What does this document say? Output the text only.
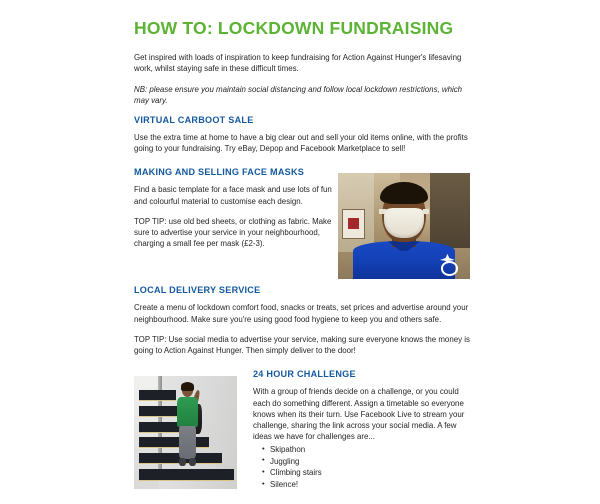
HOW TO: LOCKDOWN FUNDRAISING

Get inspired with loads of inspiration to keep fundraising for Action Against Hunger's lifesaving work, whilst staying safe in these difficult times.

NB: please ensure you maintain social distancing and follow local lockdown restrictions, which may vary.

VIRTUAL CARBOOT SALE

Use the extra time at home to have a big clear out and sell your old items online, with the profits going to your fundraising. Try eBay, Depop and Facebook Marketplace to sell!

MAKING AND SELLING FACE MASKS

Find a basic template for a face mask and use lots of fun and colourful material to customise each design.

TOP TIP: use old bed sheets, or clothing as fabric. Make sure to advertise your service in your neighbourhood, charging a small fee per mask (£2-3).

LOCAL DELIVERY SERVICE

Create a menu of lockdown comfort food, snacks or treats, set prices and advertise around your neighbourhood. Make sure you're using good food hygiene to keep you and others safe.

TOP TIP: Use social media to advertise your service, making sure everyone knows the money is going to Action Against Hunger. Then simply deliver to the door!

24 HOUR CHALLENGE

With a group of friends decide on a challenge, or you could each do something different. Assign a timetable so everyone knows when its their turn. Use Facebook Live to stream your challenge, sharing the link across your social media. A few ideas we have for challenges are...

• Skipathon
• Juggling
• Climbing stairs
• Silence!
